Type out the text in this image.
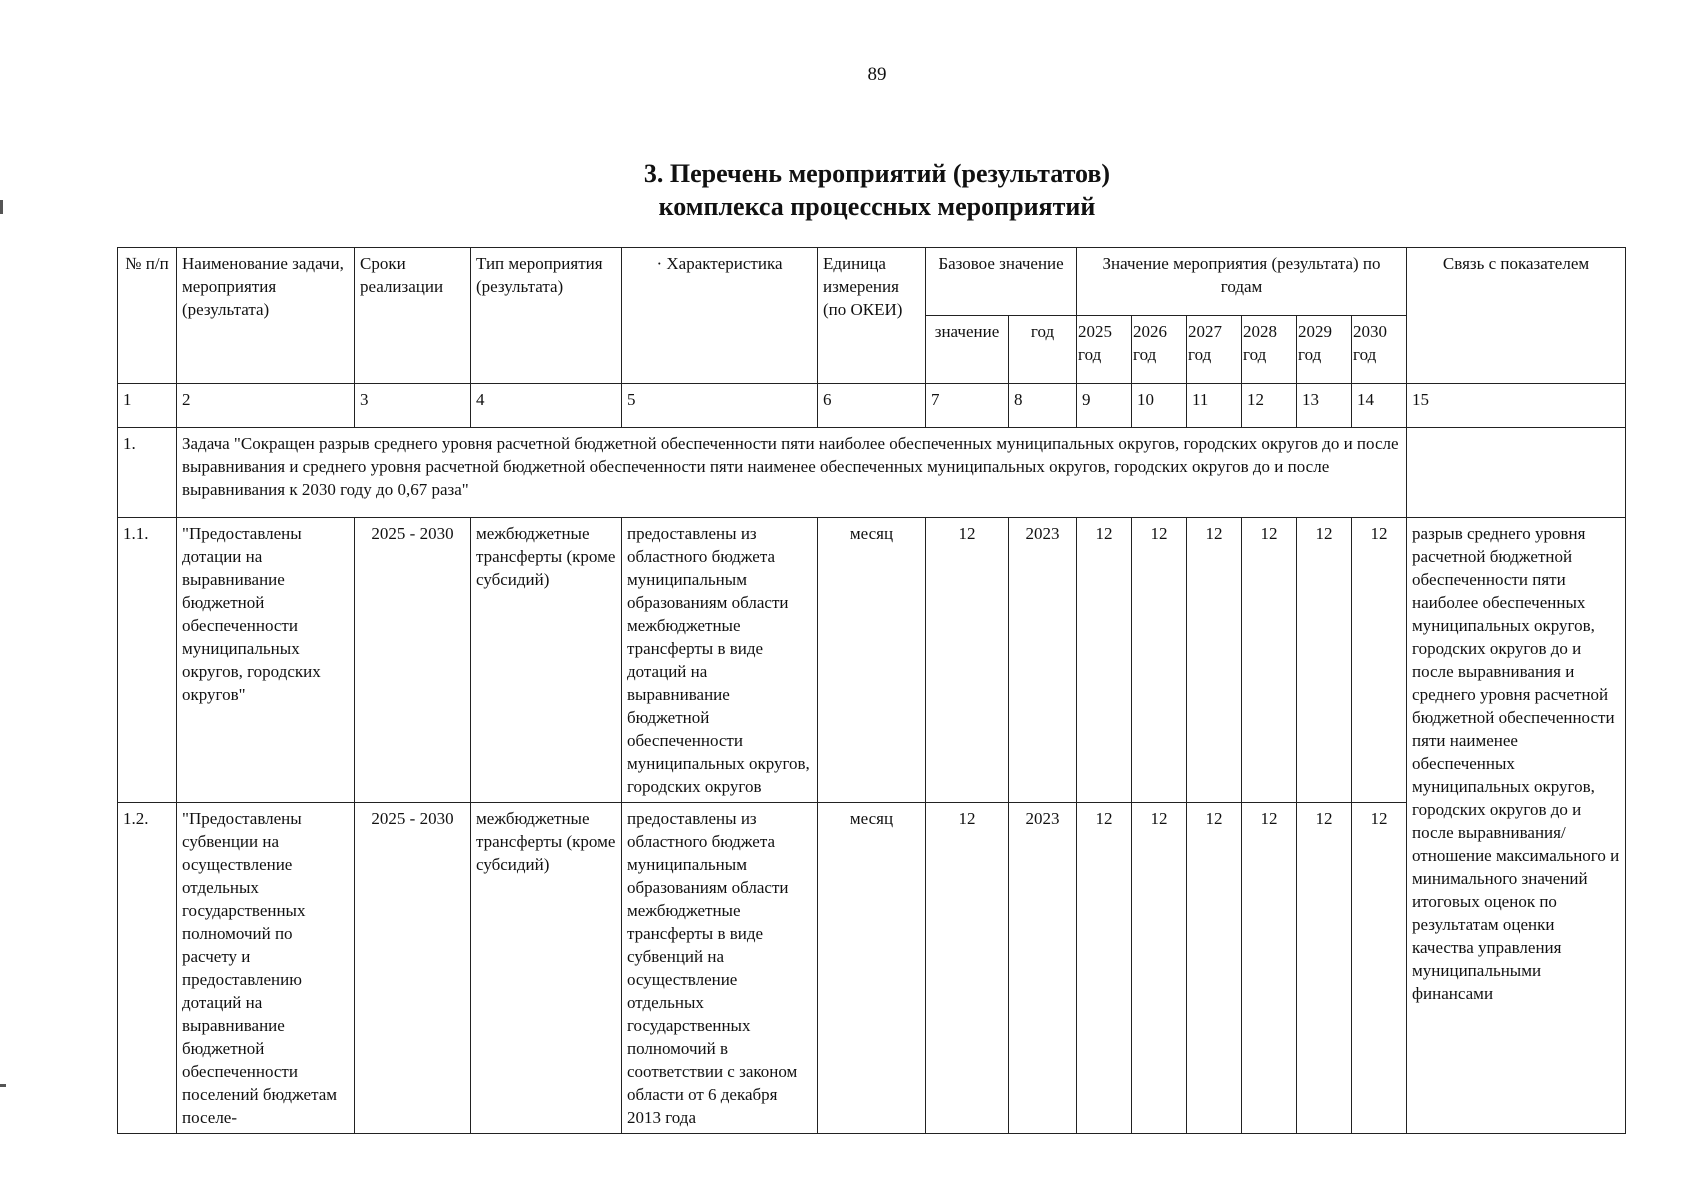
89
3. Перечень мероприятий (результатов)
комплекса процессных мероприятий
№ п/п	Наименование задачи, мероприятия (результата)	Сроки реализации	Тип мероприятия (результата)	· Характеристика	Единица измерения (по ОКЕИ)	Базовое значение		Значение мероприятия (результата) по годам						Связь с показателем
						значение	год	2025 год	2026 год	2027 год	2028 год	2029 год	2030 год	
1	2	3	4	5	6	7	8	9	10	11	12	13	14	15
1.	Задача "Сокращен разрыв среднего уровня расчетной бюджетной обеспеченности пяти наиболее обеспеченных муниципальных округов, городских округов до и после выравнивания и среднего уровня расчетной бюджетной обеспеченности пяти наименее обеспеченных муниципальных округов, городских округов до и после выравнивания к 2030 году до 0,67 раза"													
1.1.	"Предоставлены дотации на выравнивание бюджетной обеспеченности муниципальных округов, городских округов"	2025 - 2030	межбюджетные трансферты (кроме субсидий)	предоставлены из областного бюджета муниципальным образованиям области межбюджетные трансферты в виде дотаций на выравнивание бюджетной обеспеченности муниципальных округов, городских округов	месяц	12	2023	12	12	12	12	12	12	разрыв среднего уровня расчетной бюджетной обеспеченности пяти наиболее обеспеченных муниципальных округов, городских округов до и после выравнивания и среднего уровня расчетной бюджетной обеспеченности пяти наименее обеспеченных муниципальных округов, городских округов до и после выравнивания/отношение максимального и минимального значений итоговых оценок по результатам оценки качества управления муниципальными финансами
1.2.	"Предоставлены субвенции на осуществление отдельных государственных полномочий по расчету и предоставлению дотаций на выравнивание бюджетной обеспеченности поселений бюджетам поселе-	2025 - 2030	межбюджетные трансферты (кроме субсидий)	предоставлены из областного бюджета муниципальным образованиям области межбюджетные трансферты в виде субвенций на осуществление отдельных государственных полномочий в соответствии с законом области от 6 декабря 2013 года	месяц	12	2023	12	12	12	12	12	12	
